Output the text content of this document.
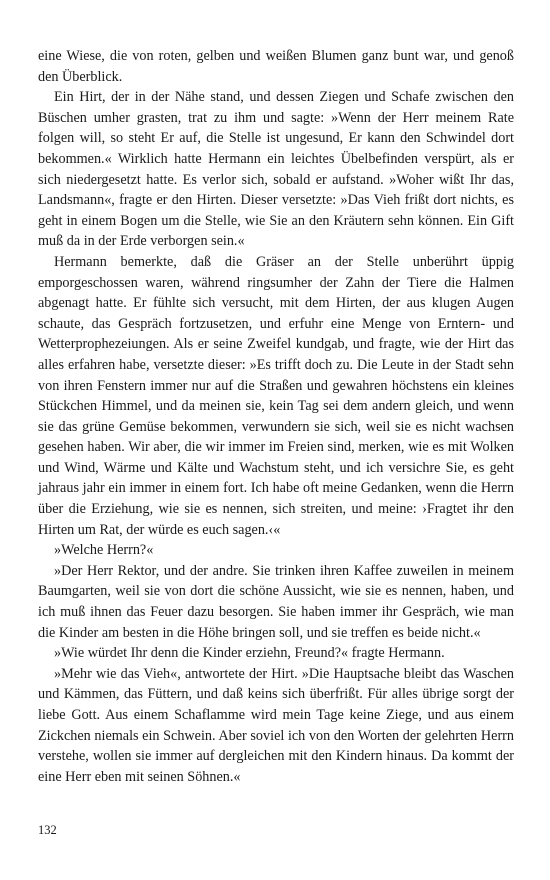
eine Wiese, die von roten, gelben und weißen Blumen ganz bunt war, und genoß den Überblick.

Ein Hirt, der in der Nähe stand, und dessen Ziegen und Schafe zwischen den Büschen umher grasten, trat zu ihm und sagte: »Wenn der Herr meinem Rate folgen will, so steht Er auf, die Stelle ist ungesund, Er kann den Schwindel dort bekommen.« Wirklich hatte Hermann ein leichtes Übelbefinden verspürt, als er sich niedergesetzt hatte. Es verlor sich, sobald er aufstand. »Woher wißt Ihr das, Landsmann«, fragte er den Hirten. Dieser versetzte: »Das Vieh frißt dort nichts, es geht in einem Bogen um die Stelle, wie Sie an den Kräutern sehn können. Ein Gift muß da in der Erde verborgen sein.«

Hermann bemerkte, daß die Gräser an der Stelle unberührt üppig emporgeschossen waren, während ringsumher der Zahn der Tiere die Halmen abgenagt hatte. Er fühlte sich versucht, mit dem Hirten, der aus klugen Augen schaute, das Gespräch fortzusetzen, und erfuhr eine Menge von Erntern- und Wetterprophezeiungen. Als er seine Zweifel kundgab, und fragte, wie der Hirt das alles erfahren habe, versetzte dieser: »Es trifft doch zu. Die Leute in der Stadt sehn von ihren Fenstern immer nur auf die Straßen und gewahren höchstens ein kleines Stückchen Himmel, und da meinen sie, kein Tag sei dem andern gleich, und wenn sie das grüne Gemüse bekommen, verwundern sie sich, weil sie es nicht wachsen gesehen haben. Wir aber, die wir immer im Freien sind, merken, wie es mit Wolken und Wind, Wärme und Kälte und Wachstum steht, und ich versichre Sie, es geht jahraus jahr ein immer in einem fort. Ich habe oft meine Gedanken, wenn die Herrn über die Erziehung, wie sie es nennen, sich streiten, und meine: ›Fragtet ihr den Hirten um Rat, der würde es euch sagen.‹«

»Welche Herrn?«

»Der Herr Rektor, und der andre. Sie trinken ihren Kaffee zuweilen in meinem Baumgarten, weil sie von dort die schöne Aussicht, wie sie es nennen, haben, und ich muß ihnen das Feuer dazu besorgen. Sie haben immer ihr Gespräch, wie man die Kinder am besten in die Höhe bringen soll, und sie treffen es beide nicht.«

»Wie würdet Ihr denn die Kinder erziehn, Freund?« fragte Hermann.

»Mehr wie das Vieh«, antwortete der Hirt. »Die Hauptsache bleibt das Waschen und Kämmen, das Füttern, und daß keins sich überfrißt. Für alles übrige sorgt der liebe Gott. Aus einem Schaflamme wird mein Tage keine Ziege, und aus einem Zickchen niemals ein Schwein. Aber soviel ich von den Worten der gelehrten Herrn verstehe, wollen sie immer auf dergleichen mit den Kindern hinaus. Da kommt der eine Herr eben mit seinen Söhnen.«

132
